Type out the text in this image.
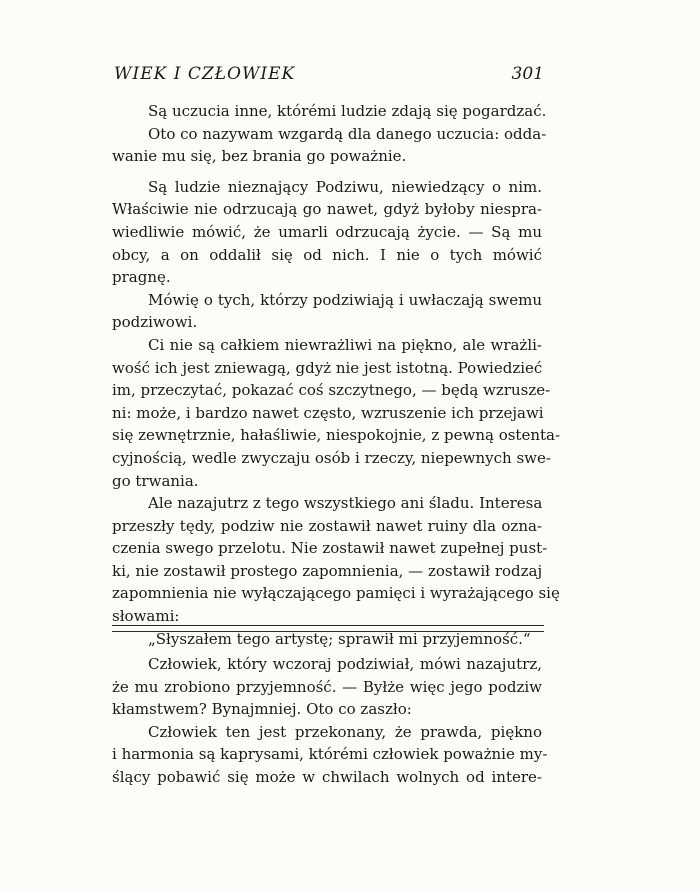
WIEK I CZŁOWIEK	301

Są uczucia inne, którémi ludzie zdają się pogardzać.

Oto co nazywam wzgardą dla danego uczucia: odda-
wanie mu się, bez brania go poważnie.

Są ludzie nieznający Podziwu, niewiedzący o nim.
Właściwie nie odrzucają go nawet, gdyż byłoby niespra-
wiedliwie mówić, że umarli odrzucają życie. — Są mu
obcy, a on oddalił się od nich. I nie o tych mówić
pragnę.

Mówię o tych, którzy podziwiają i uwłaczają swemu
podziwowi.

Ci nie są całkiem niewrażliwi na piękno, ale wrażli-
wość ich jest zniewagą, gdyż nie jest istotną. Powiedzieć
im, przeczytać, pokazać coś szczytnego, — będą wzrusze-
ni: może, i bardzo nawet często, wzruszenie ich przejawi
się zewnętrznie, hałaśliwie, niespokojnie, z pewną ostenta-
cyjnością, wedle zwyczaju osób i rzeczy, niepewnych swe-
go trwania.

Ale nazajutrz z tego wszystkiego ani śladu. Interesa
przeszły tędy, podziw nie zostawił nawet ruiny dla ozna-
czenia swego przelotu. Nie zostawił nawet zupełnej pust-
ki, nie zostawił prostego zapomnienia, — zostawił rodzaj
zapomnienia nie wyłączającego pamięci i wyrażającego się
słowami:

„Słyszałem tego artystę; sprawił mi przyjemność.“

Człowiek, który wczoraj podziwiał, mówi nazajutrz,
że mu zrobiono przyjemność. — Byłże więc jego podziw
kłamstwem? Bynajmniej. Oto co zaszło:

Człowiek ten jest przekonany, że prawda, piękno
i harmonia są kaprysami, którémi człowiek poważnie my-
ślący pobawić się może w chwilach wolnych od intere-
